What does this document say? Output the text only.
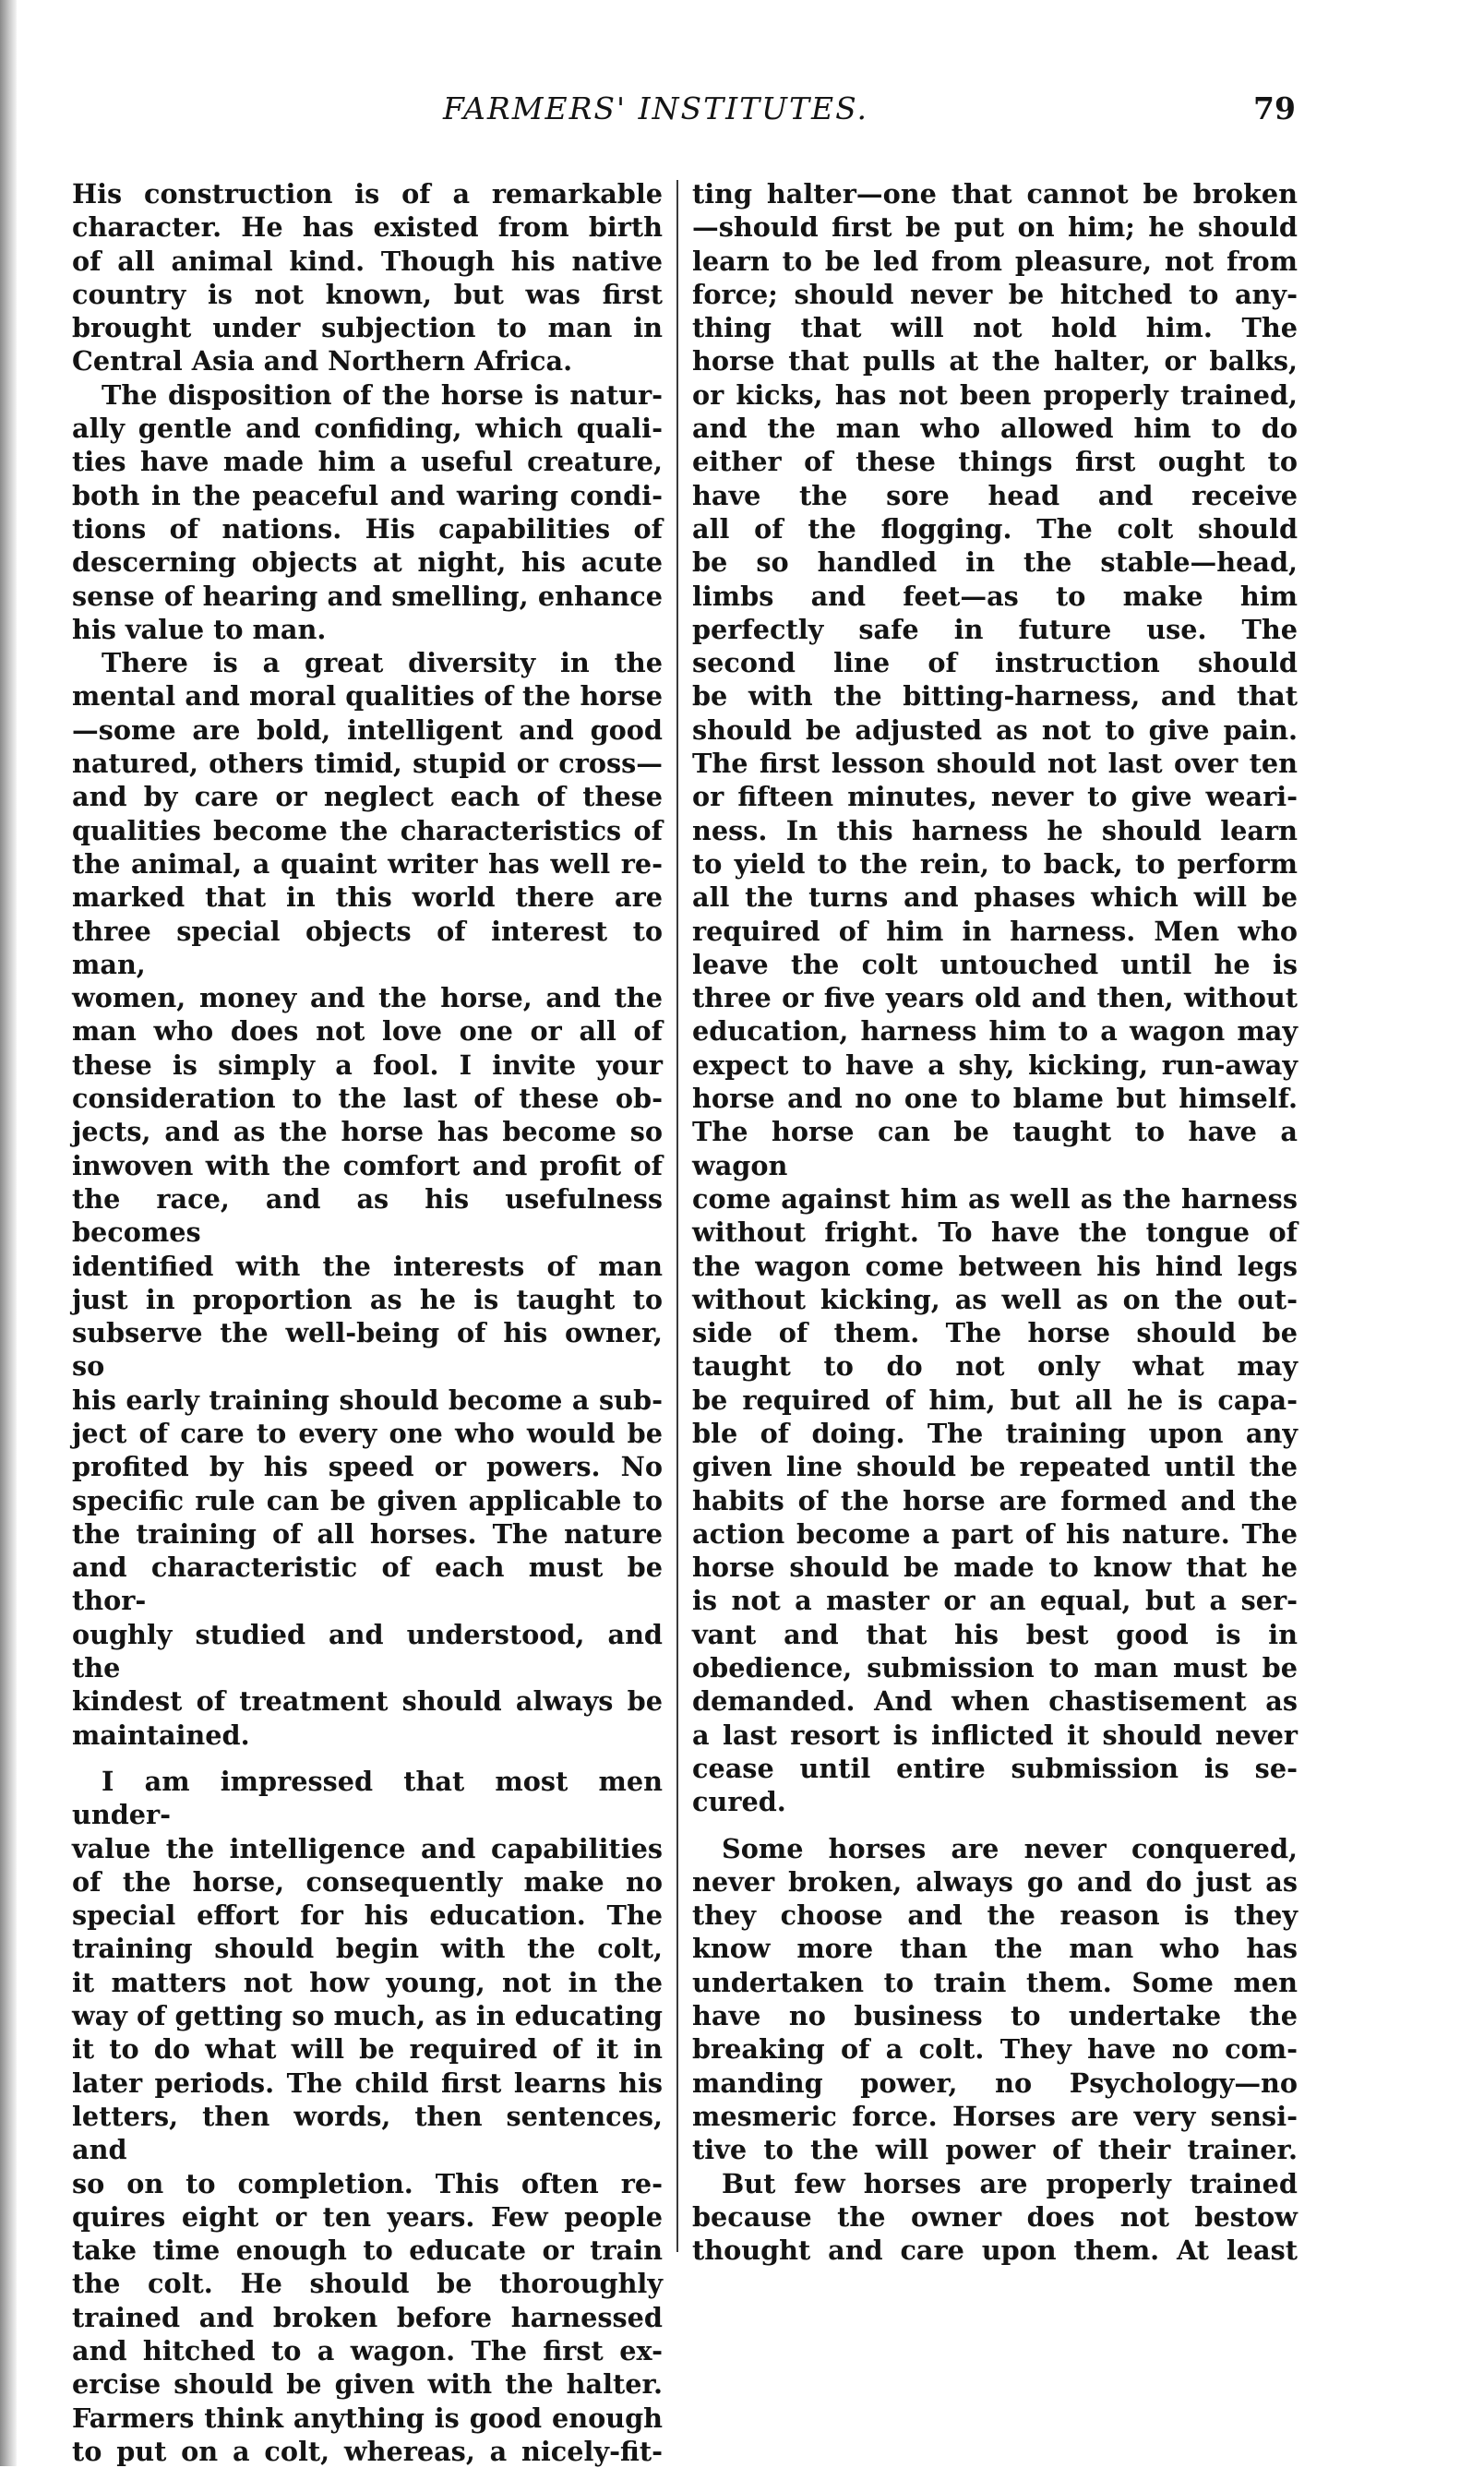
FARMERS' INSTITUTES.	79
His construction is of a remarkable
character. He has existed from birth
of all animal kind. Though his native
country is not known, but was first
brought under subjection to man in
Central Asia and Northern Africa.
The disposition of the horse is natur-
ally gentle and confiding, which quali-
ties have made him a useful creature,
both in the peaceful and waring condi-
tions of nations. His capabilities of
descerning objects at night, his acute
sense of hearing and smelling, enhance
his value to man.
There is a great diversity in the
mental and moral qualities of the horse
—some are bold, intelligent and good
natured, others timid, stupid or cross—
and by care or neglect each of these
qualities become the characteristics of
the animal, a quaint writer has well re-
marked that in this world there are
three special objects of interest to man,
women, money and the horse, and the
man who does not love one or all of
these is simply a fool. I invite your
consideration to the last of these ob-
jects, and as the horse has become so
inwoven with the comfort and profit of
the race, and as his usefulness becomes
identified with the interests of man
just in proportion as he is taught to
subserve the well-being of his owner, so
his early training should become a sub-
ject of care to every one who would be
profited by his speed or powers. No
specific rule can be given applicable to
the training of all horses. The nature
and characteristic of each must be thor-
oughly studied and understood, and the
kindest of treatment should always be
maintained.
I am impressed that most men under-
value the intelligence and capabilities
of the horse, consequently make no
special effort for his education. The
training should begin with the colt,
it matters not how young, not in the
way of getting so much, as in educating
it to do what will be required of it in
later periods. The child first learns his
letters, then words, then sentences, and
so on to completion. This often re-
quires eight or ten years. Few people
take time enough to educate or train
the colt. He should be thoroughly
trained and broken before harnessed
and hitched to a wagon. The first ex-
ercise should be given with the halter.
Farmers think anything is good enough
to put on a colt, whereas, a nicely-fit-
ting halter—one that cannot be broken
—should first be put on him; he should
learn to be led from pleasure, not from
force; should never be hitched to any-
thing that will not hold him. The
horse that pulls at the halter, or balks,
or kicks, has not been properly trained,
and the man who allowed him to do
either of these things first ought to
have the sore head and receive
all of the flogging. The colt should
be so handled in the stable—head,
limbs and feet—as to make him
perfectly safe in future use. The
second line of instruction should
be with the bitting-harness, and that
should be adjusted as not to give pain.
The first lesson should not last over ten
or fifteen minutes, never to give weari-
ness. In this harness he should learn
to yield to the rein, to back, to perform
all the turns and phases which will be
required of him in harness. Men who
leave the colt untouched until he is
three or five years old and then, without
education, harness him to a wagon may
expect to have a shy, kicking, run-away
horse and no one to blame but himself.
The horse can be taught to have a wagon
come against him as well as the harness
without fright. To have the tongue of
the wagon come between his hind legs
without kicking, as well as on the out-
side of them. The horse should be
taught to do not only what may
be required of him, but all he is capa-
ble of doing. The training upon any
given line should be repeated until the
habits of the horse are formed and the
action become a part of his nature. The
horse should be made to know that he
is not a master or an equal, but a ser-
vant and that his best good is in
obedience, submission to man must be
demanded. And when chastisement as
a last resort is inflicted it should never
cease until entire submission is se-
cured.
Some horses are never conquered,
never broken, always go and do just as
they choose and the reason is they
know more than the man who has
undertaken to train them. Some men
have no business to undertake the
breaking of a colt. They have no com-
manding power, no Psychology—no
mesmeric force. Horses are very sensi-
tive to the will power of their trainer.
But few horses are properly trained
because the owner does not bestow
thought and care upon them. At least
